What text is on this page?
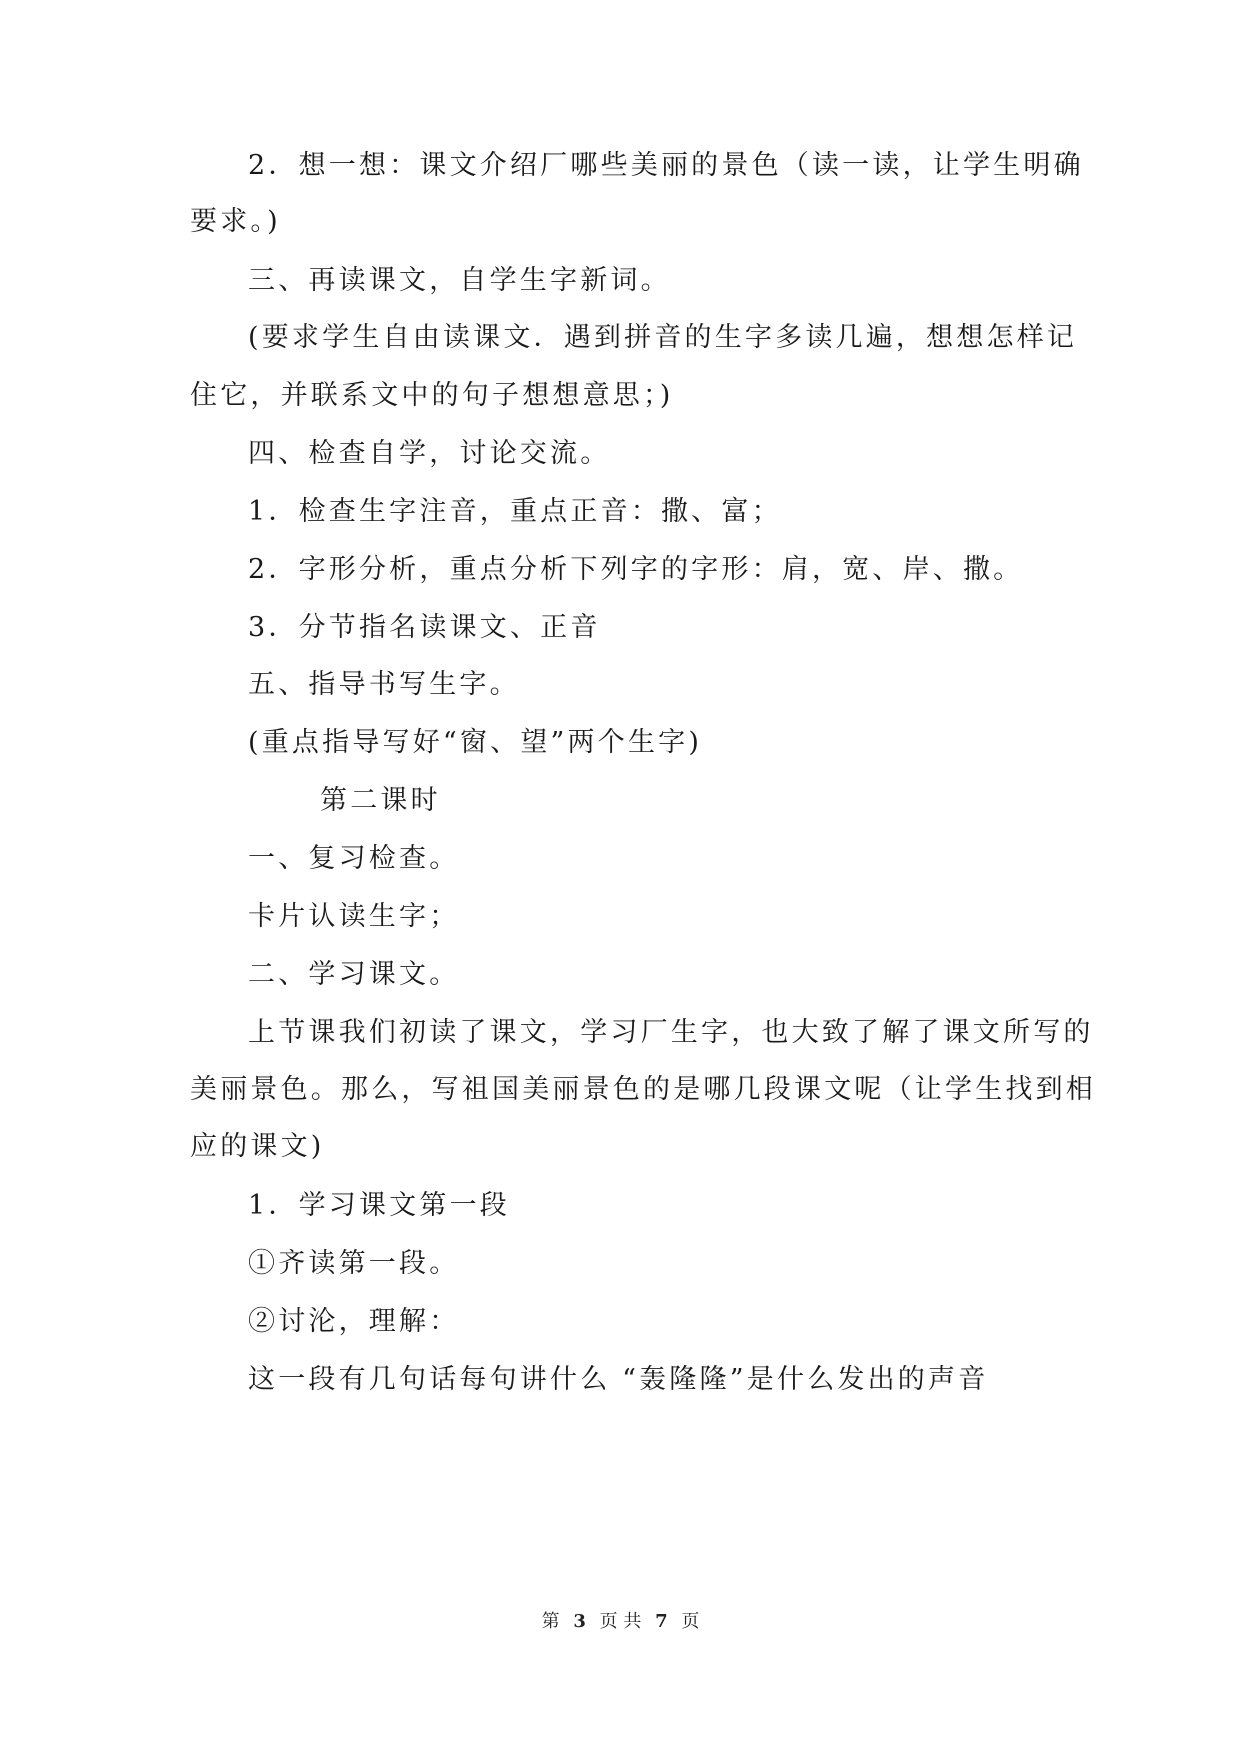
2．想一想：课文介绍厂哪些美丽的景色（读一读，让学生明确
要求。)
三、再读课文，自学生字新词。
(要求学生自由读课文．遇到拼音的生字多读几遍，想想怎样记
住它，并联系文中的句子想想意思；)
四、检查自学，讨论交流。
1．检查生字注音，重点正音：撒、富；
2．字形分析，重点分析下列字的字形：肩，宽、岸、撒。
3．分节指名读课文、正音
五、指导书写生字。
(重点指导写好“窗、望”两个生字)
第二课时
一、复习检查。
卡片认读生字；
二、学习课文。
上节课我们初读了课文，学习厂生字，也大致了解了课文所写的
美丽景色。那么，写祖国美丽景色的是哪几段课文呢（让学生找到相
应的课文)
1．学习课文第一段
①齐读第一段。
②讨沦，理解：
这一段有几句话每句讲什么 “轰隆隆”是什么发出的声音
第 3 页 共 7 页
